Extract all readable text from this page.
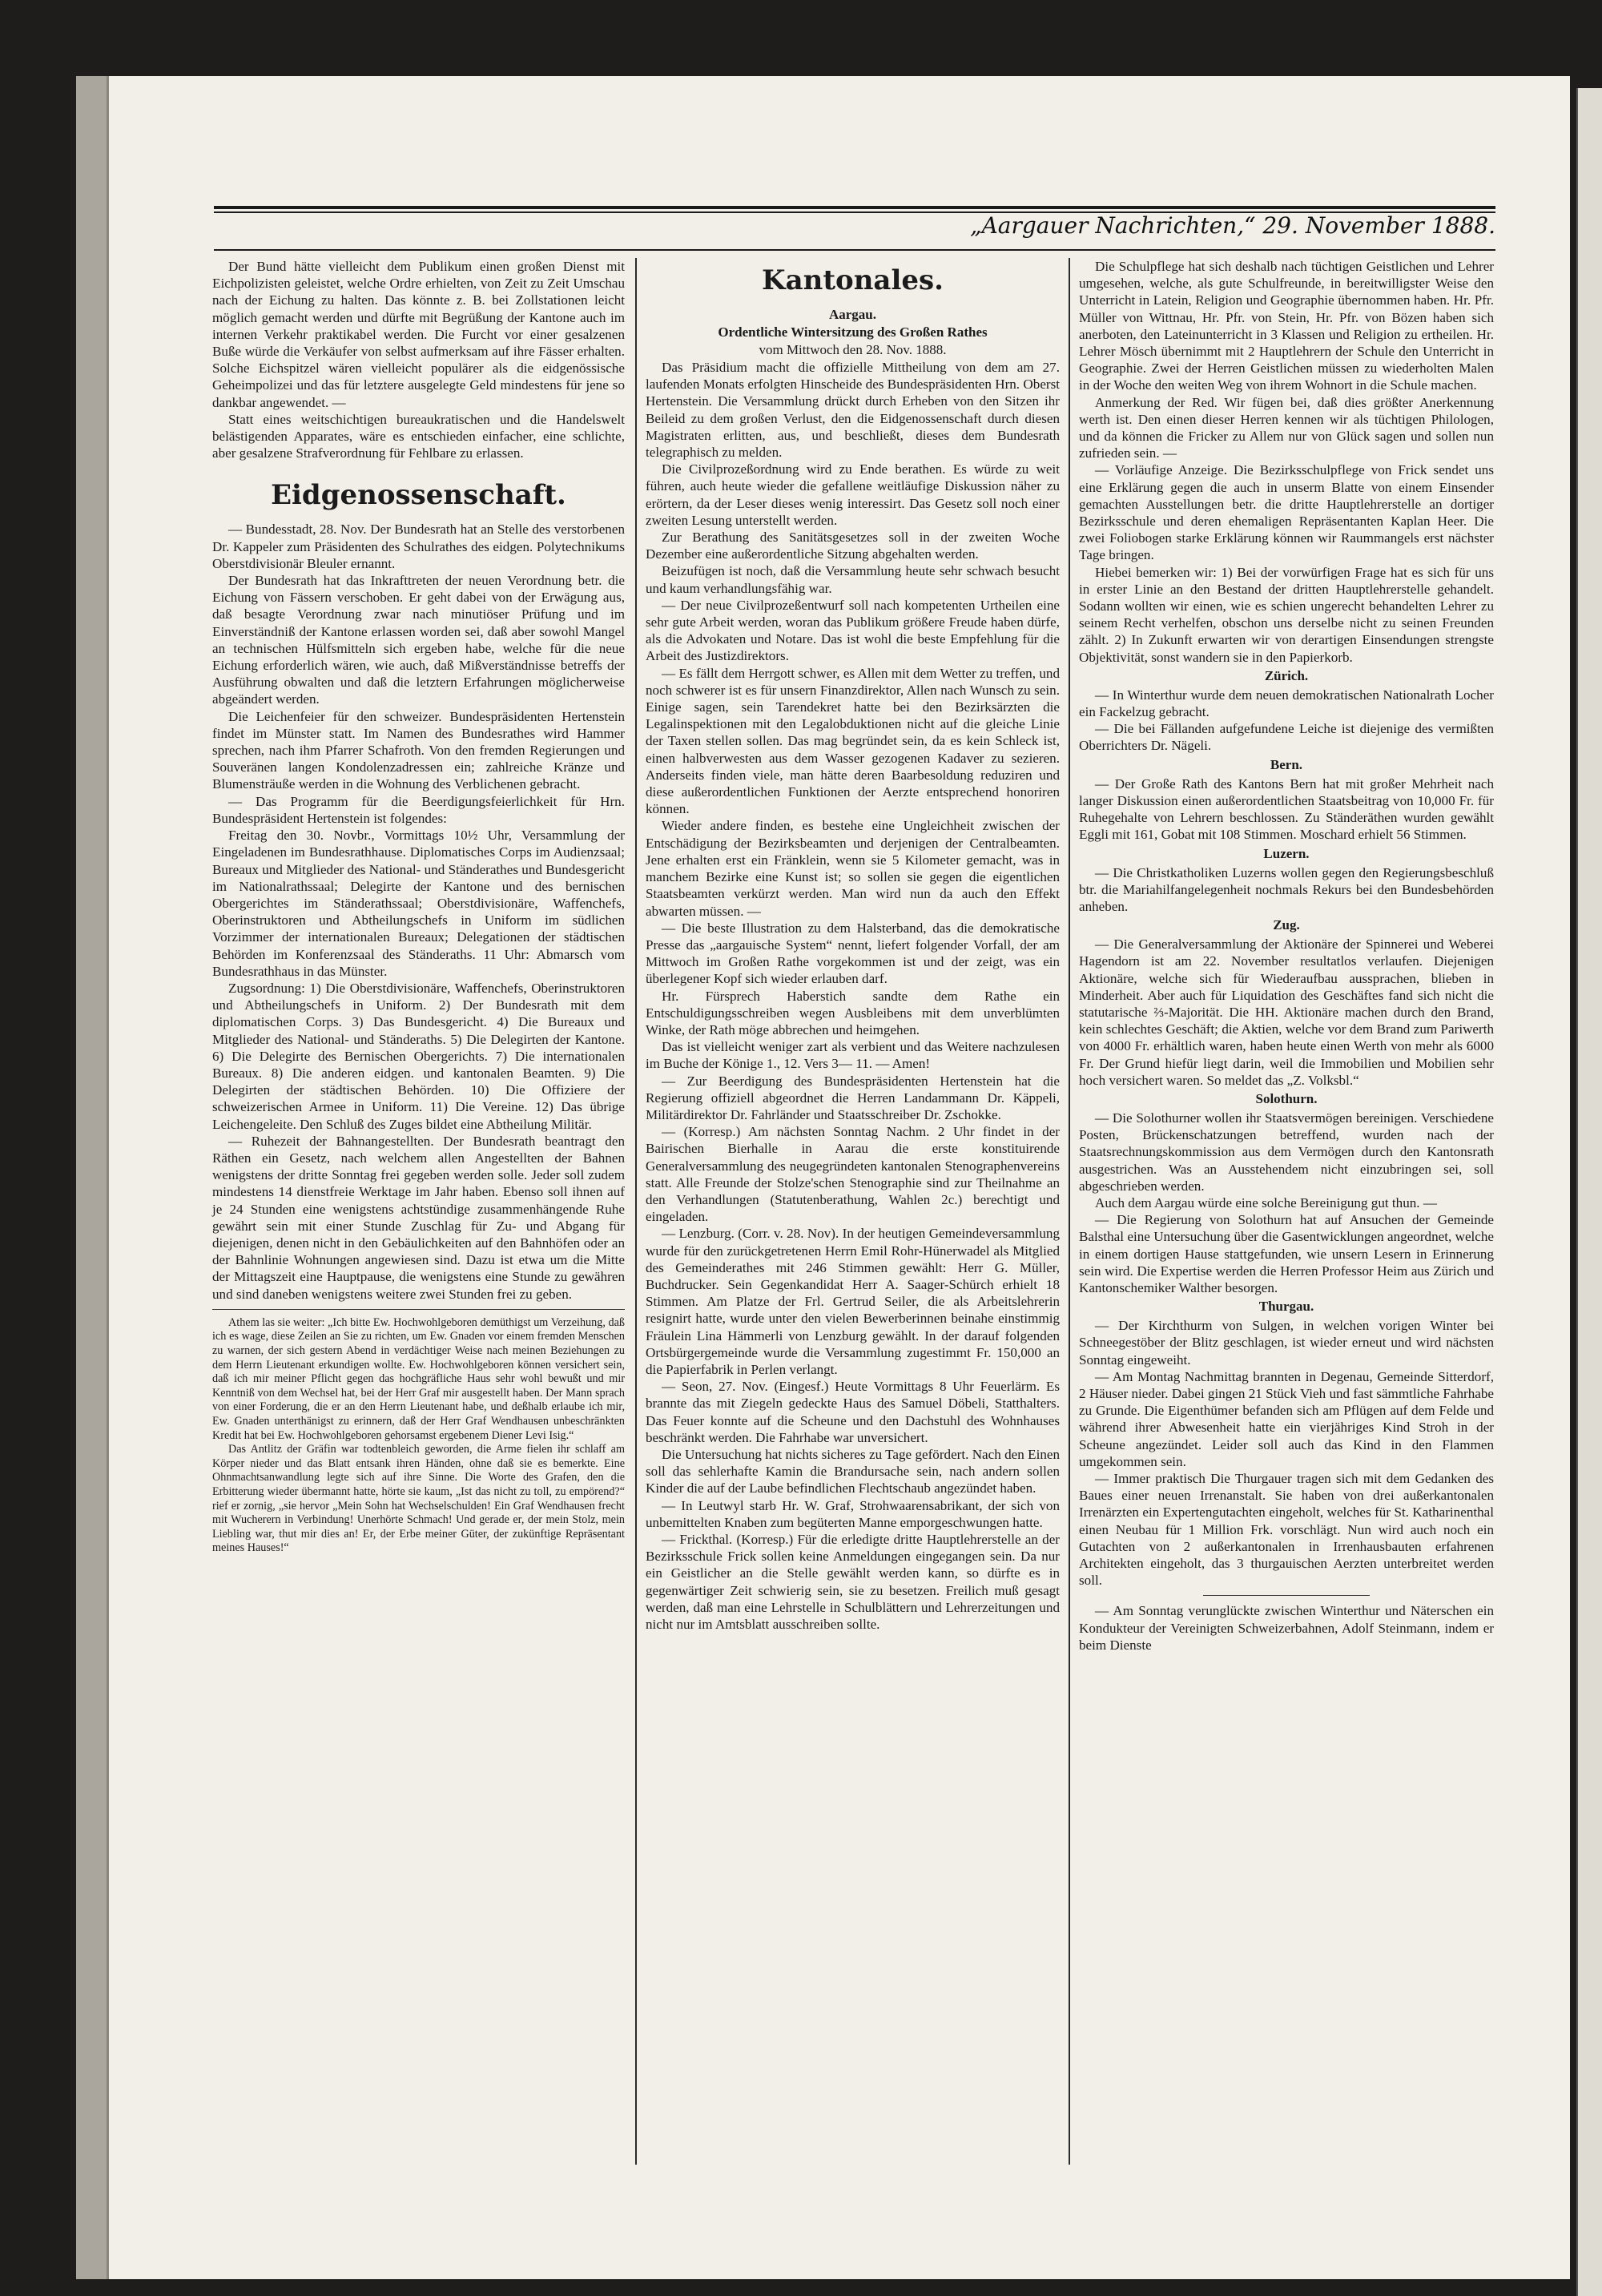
„Aargauer Nachrichten,“ 29. November 1888.

Der Bund hätte vielleicht dem Publikum einen großen Dienst mit Eichpolizisten geleistet, welche Ordre erhielten, von Zeit zu Zeit Umschau nach der Eichung zu halten. Das könnte z. B. bei Zollstationen leicht möglich gemacht werden und dürfte mit Begrüßung der Kantone auch im internen Verkehr praktikabel werden. Die Furcht vor einer gesalzenen Buße würde die Verkäufer von selbst aufmerksam auf ihre Fässer erhalten. Solche Eichspitzel wären vielleicht populärer als die eidgenössische Geheimpolizei und das für letztere ausgelegte Geld mindestens für jene so dankbar angewendet. —

Statt eines weitschichtigen bureaukratischen und die Handelswelt belästigenden Apparates, wäre es entschieden einfacher, eine schlichte, aber gesalzene Strafverordnung für Fehlbare zu erlassen.

Eidgenossenschaft.

— Bundesstadt, 28. Nov. Der Bundesrath hat an Stelle des verstorbenen Dr. Kappeler zum Präsidenten des Schulrathes des eidgen. Polytechnikums Oberstdivisionär Bleuler ernannt.

Der Bundesrath hat das Inkrafttreten der neuen Verordnung betr. die Eichung von Fässern verschoben. Er geht dabei von der Erwägung aus, daß besagte Verordnung zwar nach minutiöser Prüfung und im Einverständniß der Kantone erlassen worden sei, daß aber sowohl Mangel an technischen Hülfsmitteln sich ergeben habe, welche für die neue Eichung erforderlich wären, wie auch, daß Mißverständnisse betreffs der Ausführung obwalten und daß die letztern Erfahrungen möglicherweise abgeändert werden.

Die Leichenfeier für den schweizer. Bundespräsidenten Hertenstein findet im Münster statt. Im Namen des Bundesrathes wird Hammer sprechen, nach ihm Pfarrer Schafroth. Von den fremden Regierungen und Souveränen langen Kondolenzadressen ein; zahlreiche Kränze und Blumensträuße werden in die Wohnung des Verblichenen gebracht.

— Das Programm für die Beerdigungsfeierlichkeit für Hrn. Bundespräsident Hertenstein ist folgendes:

Freitag den 30. Novbr., Vormittags 10½ Uhr, Versammlung der Eingeladenen im Bundesrathhause. Diplomatisches Corps im Audienzsaal; Bureaux und Mitglieder des National- und Ständerathes und Bundesgericht im Nationalrathssaal; Delegirte der Kantone und des bernischen Obergerichtes im Ständerathssaal; Oberstdivisionäre, Waffenchefs, Oberinstruktoren und Abtheilungschefs in Uniform im südlichen Vorzimmer der internationalen Bureaux; Delegationen der städtischen Behörden im Konferenzsaal des Ständeraths. 11 Uhr: Abmarsch vom Bundesrathhaus in das Münster.

Zugsordnung: 1) Die Oberstdivisionäre, Waffenchefs, Oberinstruktoren und Abtheilungschefs in Uniform. 2) Der Bundesrath mit dem diplomatischen Corps. 3) Das Bundesgericht. 4) Die Bureaux und Mitglieder des National- und Ständeraths. 5) Die Delegirten der Kantone. 6) Die Delegirte des Bernischen Obergerichts. 7) Die internationalen Bureaux. 8) Die anderen eidgen. und kantonalen Beamten. 9) Die Delegirten der städtischen Behörden. 10) Die Offiziere der schweizerischen Armee in Uniform. 11) Die Vereine. 12) Das übrige Leichengeleite. Den Schluß des Zuges bildet eine Abtheilung Militär.

— Ruhezeit der Bahnangestellten. Der Bundesrath beantragt den Räthen ein Gesetz, nach welchem allen Angestellten der Bahnen wenigstens der dritte Sonntag frei gegeben werden solle. Jeder soll zudem mindestens 14 dienstfreie Werktage im Jahr haben. Ebenso soll ihnen auf je 24 Stunden eine wenigstens achtstündige zusammenhängende Ruhe gewährt sein mit einer Stunde Zuschlag für Zu- und Abgang für diejenigen, denen nicht in den Gebäulichkeiten auf den Bahnhöfen oder an der Bahnlinie Wohnungen angewiesen sind. Dazu ist etwa um die Mitte der Mittagszeit eine Hauptpause, die wenigstens eine Stunde zu gewähren und sind daneben wenigstens weitere zwei Stunden frei zu geben.

Athem las sie weiter: „Ich bitte Ew. Hochwohlgeboren demüthigst um Verzeihung, daß ich es wage, diese Zeilen an Sie zu richten, um Ew. Gnaden vor einem fremden Menschen zu warnen, der sich gestern Abend in verdächtiger Weise nach meinen Beziehungen zu dem Herrn Lieutenant erkundigen wollte. Ew. Hochwohlgeboren können versichert sein, daß ich mir meiner Pflicht gegen das hochgräfliche Haus sehr wohl bewußt und mir Kenntniß von dem Wechsel hat, bei der Herr Graf mir ausgestellt haben. Der Mann sprach von einer Forderung, die er an den Herrn Lieutenant habe, und deßhalb erlaube ich mir, Ew. Gnaden unterthänigst zu erinnern, daß der Herr Graf Wendhausen unbeschränkten Kredit hat bei Ew. Hochwohlgeboren gehorsamst ergebenem Diener Levi Isig.“

Das Antlitz der Gräfin war todtenbleich geworden, die Arme fielen ihr schlaff am Körper nieder und das Blatt entsank ihren Händen, ohne daß sie es bemerkte. Eine Ohnmachtsanwandlung legte sich auf ihre Sinne. Die Worte des Grafen, den die Erbitterung wieder übermannt hatte, hörte sie kaum, „Ist das nicht zu toll, zu empörend?“ rief er zornig, „sie hervor „Mein Sohn hat Wechselschulden! Ein Graf Wendhausen frecht mit Wucherern in Verbindung! Unerhörte Schmach! Und gerade er, der mein Stolz, mein Liebling war, thut mir dies an! Er, der Erbe meiner Güter, der zukünftige Repräsentant meines Hauses!“

Kantonales.
Aargau.
Ordentliche Wintersitzung des Großen Rathes
vom Mittwoch den 28. Nov. 1888.

Das Präsidium macht die offizielle Mittheilung von dem am 27. laufenden Monats erfolgten Hinscheide des Bundespräsidenten Hrn. Oberst Hertenstein. Die Versammlung drückt durch Erheben von den Sitzen ihr Beileid zu dem großen Verlust, den die Eidgenossenschaft durch diesen Magistraten erlitten, aus, und beschließt, dieses dem Bundesrath telegraphisch zu melden.

Die Civilprozeßordnung wird zu Ende berathen. Es würde zu weit führen, auch heute wieder die gefallene weitläufige Diskussion näher zu erörtern, da der Leser dieses wenig interessirt. Das Gesetz soll noch einer zweiten Lesung unterstellt werden.

Zur Berathung des Sanitätsgesetzes soll in der zweiten Woche Dezember eine außerordentliche Sitzung abgehalten werden.

Beizufügen ist noch, daß die Versammlung heute sehr schwach besucht und kaum verhandlungsfähig war.

— Der neue Civilprozeßentwurf soll nach kompetenten Urtheilen eine sehr gute Arbeit werden, woran das Publikum größere Freude haben dürfe, als die Advokaten und Notare. Das ist wohl die beste Empfehlung für die Arbeit des Justizdirektors.

— Es fällt dem Herrgott schwer, es Allen mit dem Wetter zu treffen, und noch schwerer ist es für unsern Finanzdirektor, Allen nach Wunsch zu sein. Einige sagen, sein Tarendekret hatte bei den Bezirksärzten die Legalinspektionen mit den Legalobduktionen nicht auf die gleiche Linie der Taxen stellen sollen. Das mag begründet sein, da es kein Schleck ist, einen halbverwesten aus dem Wasser gezogenen Kadaver zu sezieren. Anderseits finden viele, man hätte deren Baarbesoldung reduziren und diese außerordentlichen Funktionen der Aerzte entsprechend honoriren können.

Wieder andere finden, es bestehe eine Ungleichheit zwischen der Entschädigung der Bezirksbeamten und derjenigen der Centralbeamten. Jene erhalten erst ein Fränklein, wenn sie 5 Kilometer gemacht, was in manchem Bezirke eine Kunst ist; so sollen sie gegen die eigentlichen Staatsbeamten verkürzt werden. Man wird nun da auch den Effekt abwarten müssen. —

— Die beste Illustration zu dem Halsterband, das die demokratische Presse das „aargauische System“ nennt, liefert folgender Vorfall, der am Mittwoch im Großen Rathe vorgekommen ist und der zeigt, was ein überlegener Kopf sich wieder erlauben darf.

Hr. Fürsprech Haberstich sandte dem Rathe ein Entschuldigungsschreiben wegen Ausbleibens mit dem unverblümten Winke, der Rath möge abbrechen und heimgehen.

Das ist vielleicht weniger zart als verbient und das Weitere nachzulesen im Buche der Könige 1., 12. Vers 3— 11. — Amen!

— Zur Beerdigung des Bundespräsidenten Hertenstein hat die Regierung offiziell abgeordnet die Herren Landammann Dr. Käppeli, Militärdirektor Dr. Fahrländer und Staatsschreiber Dr. Zschokke.

— (Korresp.) Am nächsten Sonntag Nachm. 2 Uhr findet in der Bairischen Bierhalle in Aarau die erste konstituirende Generalversammlung des neugegründeten kantonalen Stenographenvereins statt. Alle Freunde der Stolze'schen Stenographie sind zur Theilnahme an den Verhandlungen (Statutenberathung, Wahlen 2c.) berechtigt und eingeladen.

— Lenzburg. (Corr. v. 28. Nov). In der heutigen Gemeindeversammlung wurde für den zurückgetretenen Herrn Emil Rohr-Hünerwadel als Mitglied des Gemeinderathes mit 246 Stimmen gewählt: Herr G. Müller, Buchdrucker. Sein Gegenkandidat Herr A. Saager-Schürch erhielt 18 Stimmen. Am Platze der Frl. Gertrud Seiler, die als Arbeitslehrerin resignirt hatte, wurde unter den vielen Bewerberinnen beinahe einstimmig Fräulein Lina Hämmerli von Lenzburg gewählt. In der darauf folgenden Ortsbürgergemeinde wurde die Versammlung zugestimmt Fr. 150,000 an die Papierfabrik in Perlen verlangt.

— Seon, 27. Nov. (Eingesf.) Heute Vormittags 8 Uhr Feuerlärm. Es brannte das mit Ziegeln gedeckte Haus des Samuel Döbeli, Statthalters. Das Feuer konnte auf die Scheune und den Dachstuhl des Wohnhauses beschränkt werden. Die Fahrhabe war unversichert.

Die Untersuchung hat nichts sicheres zu Tage gefördert. Nach den Einen soll das sehlerhafte Kamin die Brandursache sein, nach andern sollen Kinder die auf der Laube befindlichen Flechtschaub angezündet haben.

— In Leutwyl starb Hr. W. Graf, Strohwaarensabrikant, der sich von unbemittelten Knaben zum begüterten Manne emporgeschwungen hatte.

— Frickthal. (Korresp.) Für die erledigte dritte Hauptlehrerstelle an der Bezirksschule Frick sollen keine Anmeldungen eingegangen sein. Da nur ein Geistlicher an die Stelle gewählt werden kann, so dürfte es in gegenwärtiger Zeit schwierig sein, sie zu besetzen. Freilich muß gesagt werden, daß man eine Lehrstelle in Schulblättern und Lehrerzeitungen und nicht nur im Amtsblatt ausschreiben sollte.

Die Schulpflege hat sich deshalb nach tüchtigen Geistlichen und Lehrer umgesehen, welche, als gute Schulfreunde, in bereitwilligster Weise den Unterricht in Latein, Religion und Geographie übernommen haben. Hr. Pfr. Müller von Wittnau, Hr. Pfr. von Stein, Hr. Pfr. von Bözen haben sich anerboten, den Lateinunterricht in 3 Klassen und Religion zu ertheilen. Hr. Lehrer Mösch übernimmt mit 2 Hauptlehrern der Schule den Unterricht in Geographie. Zwei der Herren Geistlichen müssen zu wiederholten Malen in der Woche den weiten Weg von ihrem Wohnort in die Schule machen.

Anmerkung der Red. Wir fügen bei, daß dies größter Anerkennung werth ist. Den einen dieser Herren kennen wir als tüchtigen Philologen, und da können die Fricker zu Allem nur von Glück sagen und sollen nun zufrieden sein. —

— Vorläufige Anzeige. Die Bezirksschulpflege von Frick sendet uns eine Erklärung gegen die auch in unserm Blatte von einem Einsender gemachten Ausstellungen betr. die dritte Hauptlehrerstelle an dortiger Bezirksschule und deren ehemaligen Repräsentanten Kaplan Heer. Die zwei Foliobogen starke Erklärung können wir Raummangels erst nächster Tage bringen.

Hiebei bemerken wir: 1) Bei der vorwürfigen Frage hat es sich für uns in erster Linie an den Bestand der dritten Hauptlehrerstelle gehandelt. Sodann wollten wir einen, wie es schien ungerecht behandelten Lehrer zu seinem Recht verhelfen, obschon uns derselbe nicht zu seinen Freunden zählt. 2) In Zukunft erwarten wir von derartigen Einsendungen strengste Objektivität, sonst wandern sie in den Papierkorb.

Zürich.

— In Winterthur wurde dem neuen demokratischen Nationalrath Locher ein Fackelzug gebracht.

— Die bei Fällanden aufgefundene Leiche ist diejenige des vermißten Oberrichters Dr. Nägeli.

Bern.

— Der Große Rath des Kantons Bern hat mit großer Mehrheit nach langer Diskussion einen außerordentlichen Staatsbeitrag von 10,000 Fr. für Ruhegehalte von Lehrern beschlossen. Zu Ständeräthen wurden gewählt Eggli mit 161, Gobat mit 108 Stimmen. Moschard erhielt 56 Stimmen.

Luzern.

— Die Christkatholiken Luzerns wollen gegen den Regierungsbeschluß btr. die Mariahilfangelegenheit nochmals Rekurs bei den Bundesbehörden anheben.

Zug.

— Die Generalversammlung der Aktionäre der Spinnerei und Weberei Hagendorn ist am 22. November resultatlos verlaufen. Diejenigen Aktionäre, welche sich für Wiederaufbau aussprachen, blieben in Minderheit. Aber auch für Liquidation des Geschäftes fand sich nicht die statutarische ⅔-Majorität. Die HH. Aktionäre machen durch den Brand, kein schlechtes Geschäft; die Aktien, welche vor dem Brand zum Pariwerth von 4000 Fr. erhältlich waren, haben heute einen Werth von mehr als 6000 Fr. Der Grund hiefür liegt darin, weil die Immobilien und Mobilien sehr hoch versichert waren. So meldet das „Z. Volksbl.“

Solothurn.

— Die Solothurner wollen ihr Staatsvermögen bereinigen. Verschiedene Posten, Brückenschatzungen betreffend, wurden nach der Staatsrechnungskommission aus dem Vermögen durch den Kantonsrath ausgestrichen. Was an Ausstehendem nicht einzubringen sei, soll abgeschrieben werden.

Auch dem Aargau würde eine solche Bereinigung gut thun. —

— Die Regierung von Solothurn hat auf Ansuchen der Gemeinde Balsthal eine Untersuchung über die Gasentwicklungen angeordnet, welche in einem dortigen Hause stattgefunden, wie unsern Lesern in Erinnerung sein wird. Die Expertise werden die Herren Professor Heim aus Zürich und Kantonschemiker Walther besorgen.

Thurgau.

— Der Kirchthurm von Sulgen, in welchen vorigen Winter bei Schneegestöber der Blitz geschlagen, ist wieder erneut und wird nächsten Sonntag eingeweiht.

— Am Montag Nachmittag brannten in Degenau, Gemeinde Sitterdorf, 2 Häuser nieder. Dabei gingen 21 Stück Vieh und fast sämmtliche Fahrhabe zu Grunde. Die Eigenthümer befanden sich am Pflügen auf dem Felde und während ihrer Abwesenheit hatte ein vierjähriges Kind Stroh in der Scheune angezündet. Leider soll auch das Kind in den Flammen umgekommen sein.

— Immer praktisch Die Thurgauer tragen sich mit dem Gedanken des Baues einer neuen Irrenanstalt. Sie haben von drei außerkantonalen Irrenärzten ein Expertengutachten eingeholt, welches für St. Katharinenthal einen Neubau für 1 Million Frk. vorschlägt. Nun wird auch noch ein Gutachten von 2 außerkantonalen in Irrenhausbauten erfahrenen Architekten eingeholt, das 3 thurgauischen Aerzten unterbreitet werden soll.

— Am Sonntag verunglückte zwischen Winterthur und Näterschen ein Kondukteur der Vereinigten Schweizerbahnen, Adolf Steinmann, indem er beim Dienste
